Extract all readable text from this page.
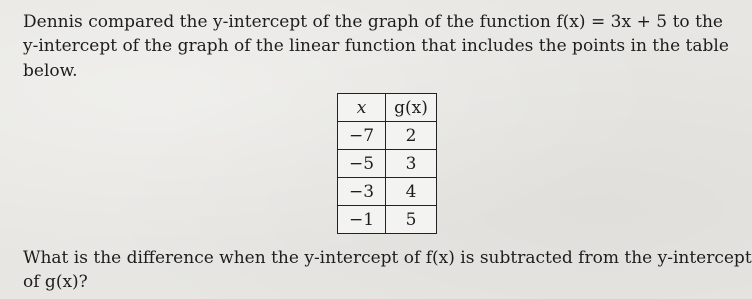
Dennis compared the y-intercept of the graph of the function f(x) = 3x + 5 to the
y-intercept of the graph of the linear function that includes the points in the table
below.
x	g(x)
−7	2
−5	3
−3	4
−1	5
What is the difference when the y-intercept of f(x) is subtracted from the y-intercept
of g(x)?
